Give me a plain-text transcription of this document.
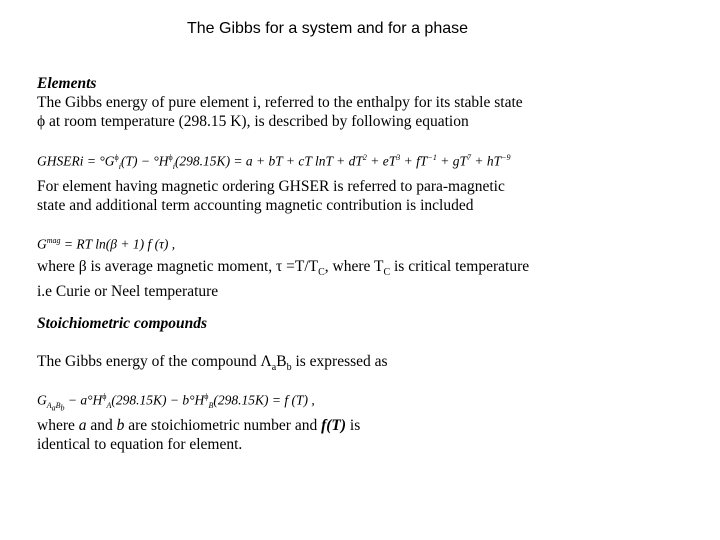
The Gibbs for a system and for a phase
Elements
The Gibbs energy of pure element i, referred to the enthalpy for its stable state
ϕ at room temperature (298.15 K), is described by following equation
GHSERi = $^\circ G^\phi_i(T) - ^\circ H^\phi_i(298.15K) = a$ + bT + cT $\ln T + dT^2 + eT^3 + fT^{-1} + gT^7 + hT^{-9}$
For element having magnetic ordering GHSER is referred to para-magnetic
state and additional term accounting magnetic contribution is included
$G^{mag}$ = RT ln(β + 1) f (τ) ,
where β is average magnetic moment, $\tau =T/T_C$, where $T_C$ is critical temperature
i.e Curie or Neel temperature
Stoichiometric compounds
The Gibbs energy of the compound $\Lambda_aB_b$ is expressed as
$G_{A_aB_b} - a^\circ H^\phi_A(298.15K) - b^\circ H^\phi_B(298.15K) = f$ (T) ,
where a and b are stoichiometric number and f(T) is
identical to equation for element.
